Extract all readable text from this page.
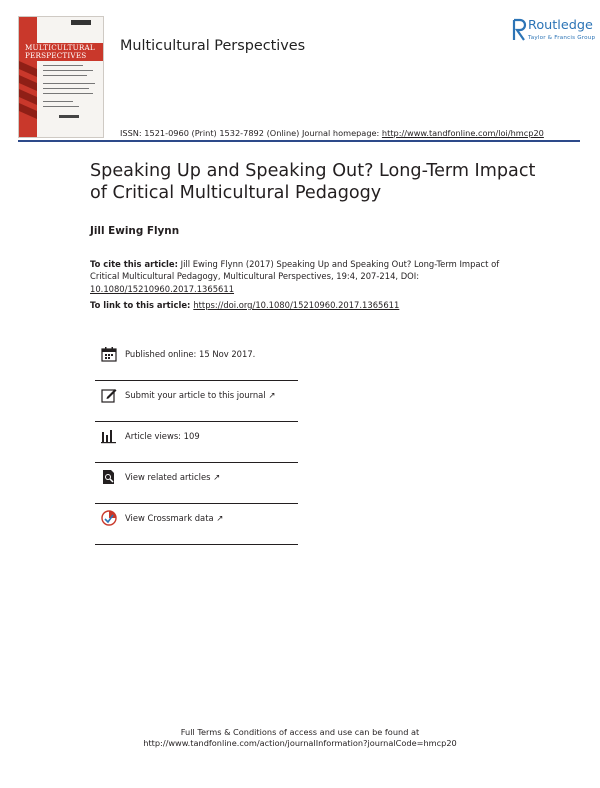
MULTICULTURAL
PERSPECTIVES
Multicultural Perspectives
Routledge
Taylor & Francis Group
ISSN: 1521-0960 (Print) 1532-7892 (Online) Journal homepage: http://www.tandfonline.com/loi/hmcp20
Speaking Up and Speaking Out? Long-Term Impact of Critical Multicultural Pedagogy
Jill Ewing Flynn
To cite this article: Jill Ewing Flynn (2017) Speaking Up and Speaking Out? Long-Term Impact of Critical Multicultural Pedagogy, Multicultural Perspectives, 19:4, 207-214, DOI: 10.1080/15210960.2017.1365611
To link to this article: https://doi.org/10.1080/15210960.2017.1365611
Published online: 15 Nov 2017.
Submit your article to this journal ↗
Article views: 109
View related articles ↗
View Crossmark data ↗
Full Terms & Conditions of access and use can be found at
http://www.tandfonline.com/action/journalInformation?journalCode=hmcp20
